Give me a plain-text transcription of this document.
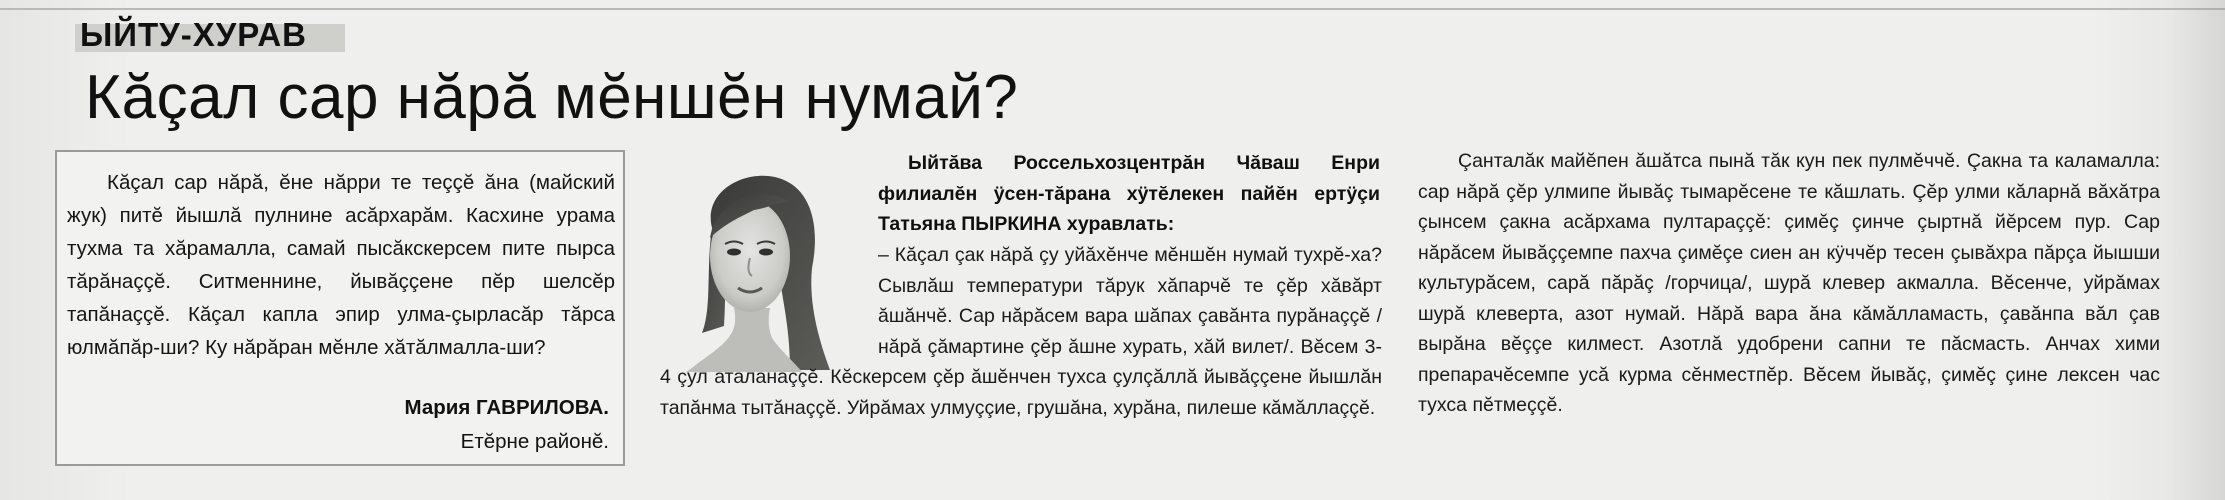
ЫЙТУ-ХУРАВ
Кăçал сар нăрă мĕншĕн нумай?

Кăçал сар нăрă, ĕне нăрри те теççĕ ăна (майский жук) питĕ йышлă пулнине асăрхарăм. Касхине урама тухма та хăрамалла, самай пысăкскерсем пите пырса тăрăнаççĕ. Ситменнине, йывăççене пĕр шелсĕр тапăнаççĕ. Кăçал капла эпир улма-çырласăр тăрса юлмăпăр-ши? Ку нăрăран мĕнле хăтăлмалла-ши?

Мария ГАВРИЛОВА.
Етĕрне районĕ.

Ыйтăва Россельхозцентрăн Чăваш Енри филиалĕн ÿсен-тăрана хÿтĕлекен пайĕн ертÿçи Татьяна ПЫРКИНА хуравлать:

– Кăçал çак нăрă çу уйăхĕнче мĕншĕн нумай тухрĕ-ха? Сывлăш температури тăрук хăпарчĕ те çĕр хăвăрт ăшăнчĕ. Сар нăрăсем вара шăпах çавăнта пурăнаççĕ /нăрă çăмартине çĕр ăшне хурать, хăй вилет/. Вĕсем 3-4 çул аталанаççĕ. Кĕскерсем çĕр ăшĕнчен тухса çулçăллă йывăççене йышлăн тапăнма тытăнаççĕ. Уйрăмах улмуççие, грушăна, хурăна, пилеше кăмăллаççĕ.

Çанталăк майĕпен ăшăтса пынă тăк кун пек пулмĕччĕ. Çакна та каламалла: сар нăрă çĕр улмипе йывăç тымарĕсене те кăшлать. Çĕр улми кăларнă вăхăтра çынсем çакна асăрхама пултараççĕ: çимĕç çинче çыртнă йĕрсем пур. Сар нăрăсем йывăççемпе пахча çимĕçе сиен ан кÿччĕр тесен çывăхра пăрça йышши культурăсем, сарă пăрăç /горчица/, шурă клевер акмалла. Вĕсенче, уйрăмах шурă клеверта, азот нумай. Нăрă вара ăна кăмăлламасть, çавăнпа вăл çав вырăна вĕççе килмест. Азотлă удобрени сапни те пăсмасть. Анчах хими препарачĕсемпе усă курма сĕнместпĕр. Вĕсем йывăç, çимĕç çине лексен час тухса пĕтмеççĕ.
